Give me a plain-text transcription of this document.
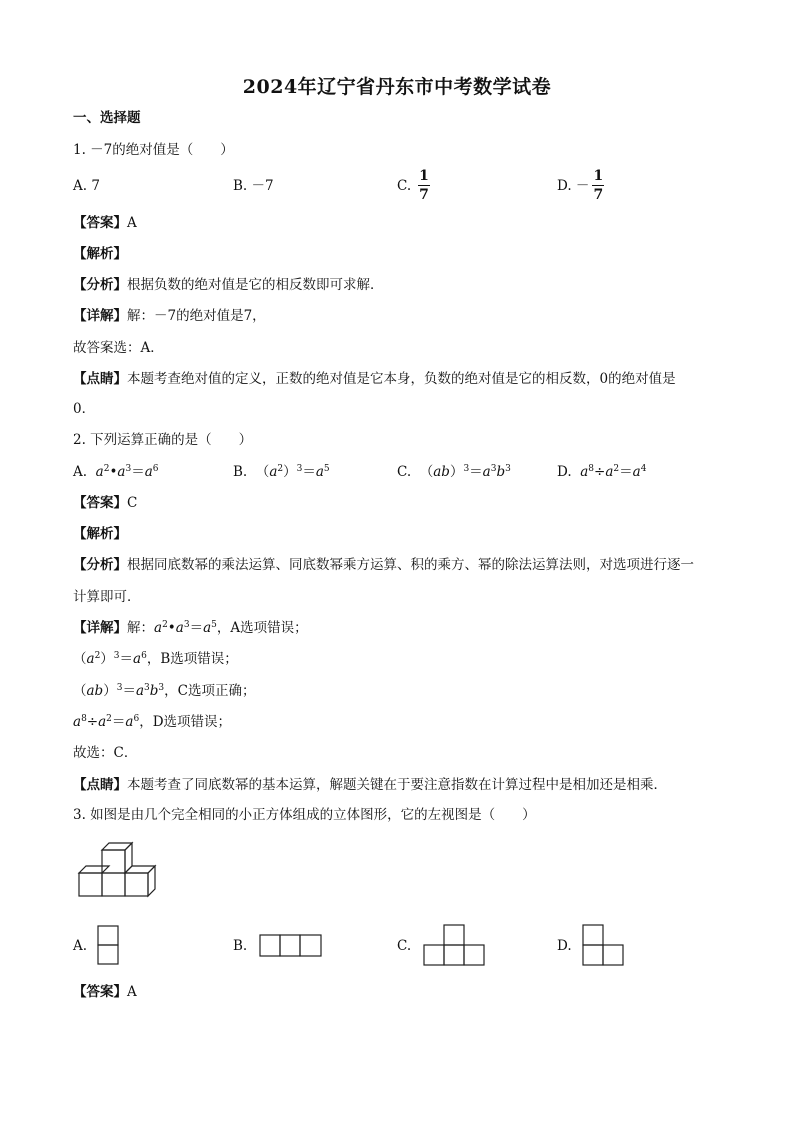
2024年辽宁省丹东市中考数学试卷
一、选择题
1. －7的绝对值是（　　）
A. 7	B. －7	C. $\frac{1}{7}$	D. － $\frac{1}{7}$
【答案】A
【解析】
【分析】根据负数的绝对值是它的相反数即可求解．
【详解】解：－7的绝对值是7，
故答案选：A．
【点睛】本题考查绝对值的定义，正数的绝对值是它本身，负数的绝对值是它的相反数，0的绝对值是
0．
2. 下列运算正确的是（　　）
A. $a^2•a^3=a^6$	B.  $(a^2)^3=a^5$	C.  $(ab)^3=a^3b^3$	D. $a^8\div a^2=a^4$
【答案】C
【解析】
【分析】根据同底数幂的乘法运算、同底数幂乘方运算、积的乘方、幂的除法运算法则，对选项进行逐一
计算即可．
【详解】解：$a^2•a^3=a^5$，A选项错误；
$(a^2)^3=a^6$，B选项错误；
$(ab)^3=a^3b^3$，C选项正确；
$a^8\div a^2=a^6$，D选项错误；
故选：C．
【点睛】本题考查了同底数幂的基本运算，解题关键在于要注意指数在计算过程中是相加还是相乘．
3. 如图是由几个完全相同的小正方体组成的立体图形，它的左视图是（　　）
A.	B.	C.	D.
【答案】A
